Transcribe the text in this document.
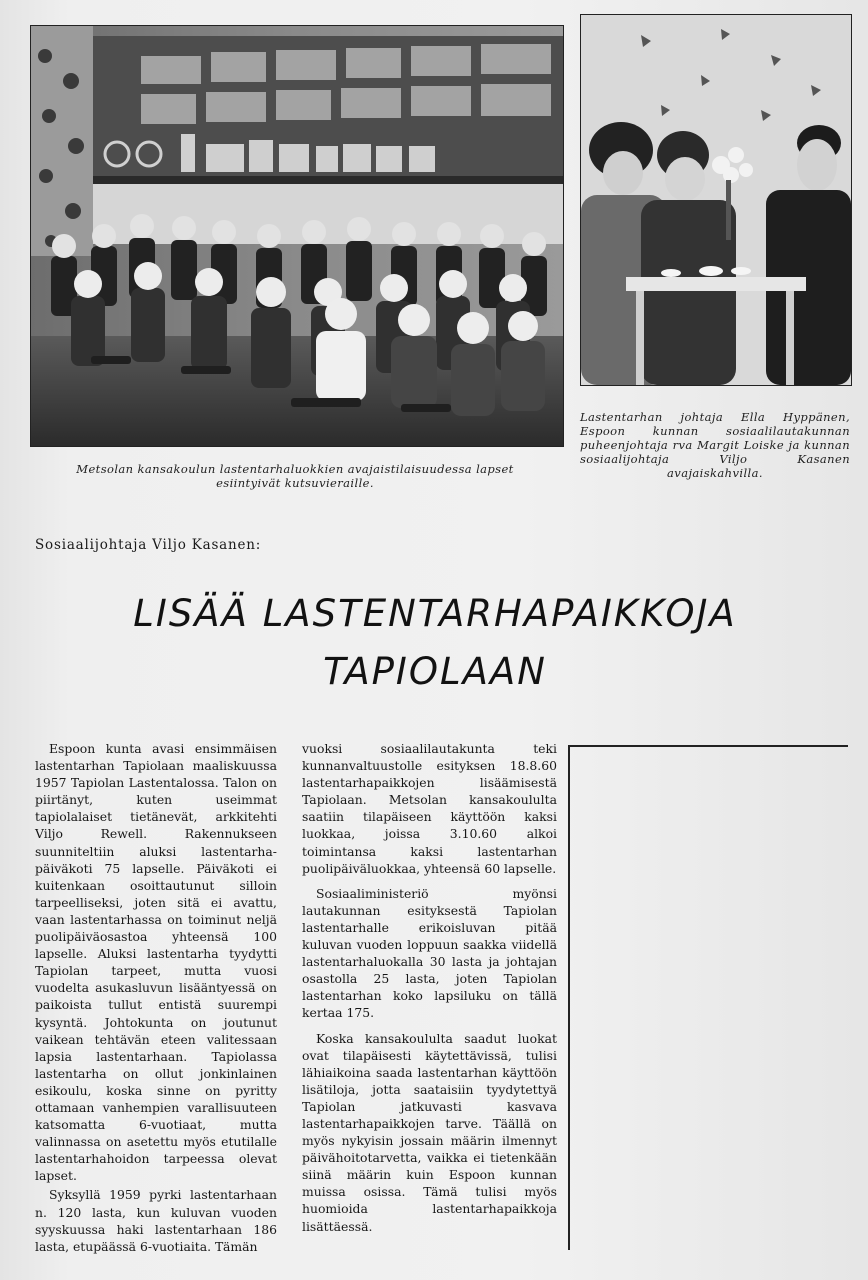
Metsolan kansakoulun lastentarhaluokkien avajaistilaisuudessa lapset esiintyivät kutsuvieraille.
Lastentarhan johtaja Ella Hyppänen, Espoon kunnan sosiaalilautakunnan puheenjohtaja rva Margit Loiske ja kunnan sosiaalijohtaja Viljo Kasanen avajaiskahvilla.
Sosiaalijohtaja Viljo Kasanen:
LISÄÄ LASTENTARHAPAIKKOJA
TAPIOLAAN

Espoon kunta avasi ensimmäisen lastentarhan Tapiolaan maaliskuussa 1957 Tapiolan Lastentalossa. Talon on piirtänyt, kuten useimmat tapiolalaiset tietänevät, arkkitehti Viljo Rewell. Rakennukseen suunniteltiin aluksi lastentarha-päiväkoti 75 lapselle. Päiväkoti ei kuitenkaan osoittautunut silloin tarpeelliseksi, joten sitä ei avattu, vaan lastentarhassa on toiminut neljä puolipäiväosastoa yhteensä 100 lapselle. Aluksi lastentarha tyydytti Tapiolan tarpeet, mutta vuosi vuodelta asukasluvun lisääntyessä on paikoista tullut entistä suurempi kysyntä. Johtokunta on joutunut vaikean tehtävän eteen valitessaan lapsia lastentarhaan. Tapiolassa lastentarha on ollut jonkinlainen esikoulu, koska sinne on pyritty ottamaan vanhempien varallisuuteen katsomatta 6-vuotiaat, mutta valinnassa on asetettu myös etutilalle lastentarhahoidon tarpeessa olevat lapset.

Syksyllä 1959 pyrki lastentarhaan n. 120 lasta, kun kuluvan vuoden syyskuussa haki lastentarhaan 186 lasta, etupäässä 6-vuotiaita. Tämän

vuoksi sosiaalilautakunta teki kunnanvaltuustolle esityksen 18.8.60 lastentarhapaikkojen lisäämisestä Tapiolaan. Metsolan kansakoululta saatiin tilapäiseen käyttöön kaksi luokkaa, joissa 3.10.60 alkoi toimintansa kaksi lastentarhan puolipäiväluokkaa, yhteensä 60 lapselle.

Sosiaaliministeriö myönsi lautakunnan esityksestä Tapiolan lastentarhalle erikoisluvan pitää kuluvan vuoden loppuun saakka viidellä lastentarhaluokalla 30 lasta ja johtajan osastolla 25 lasta, joten Tapiolan lastentarhan koko lapsiluku on tällä kertaa 175.

Koska kansakoululta saadut luokat ovat tilapäisesti käytettävissä, tulisi lähiaikoina saada lastentarhan käyttöön lisätiloja, jotta saataisiin tyydytettyä Tapiolan jatkuvasti kasvava lastentarhapaikkojen tarve. Täällä on myös nykyisin jossain määrin ilmennyt päivähoitotarvetta, vaikka ei tietenkään siinä määrin kuin Espoon kunnan muissa osissa. Tämä tulisi myös huomioida lastentarhapaikkoja lisättäessä.
